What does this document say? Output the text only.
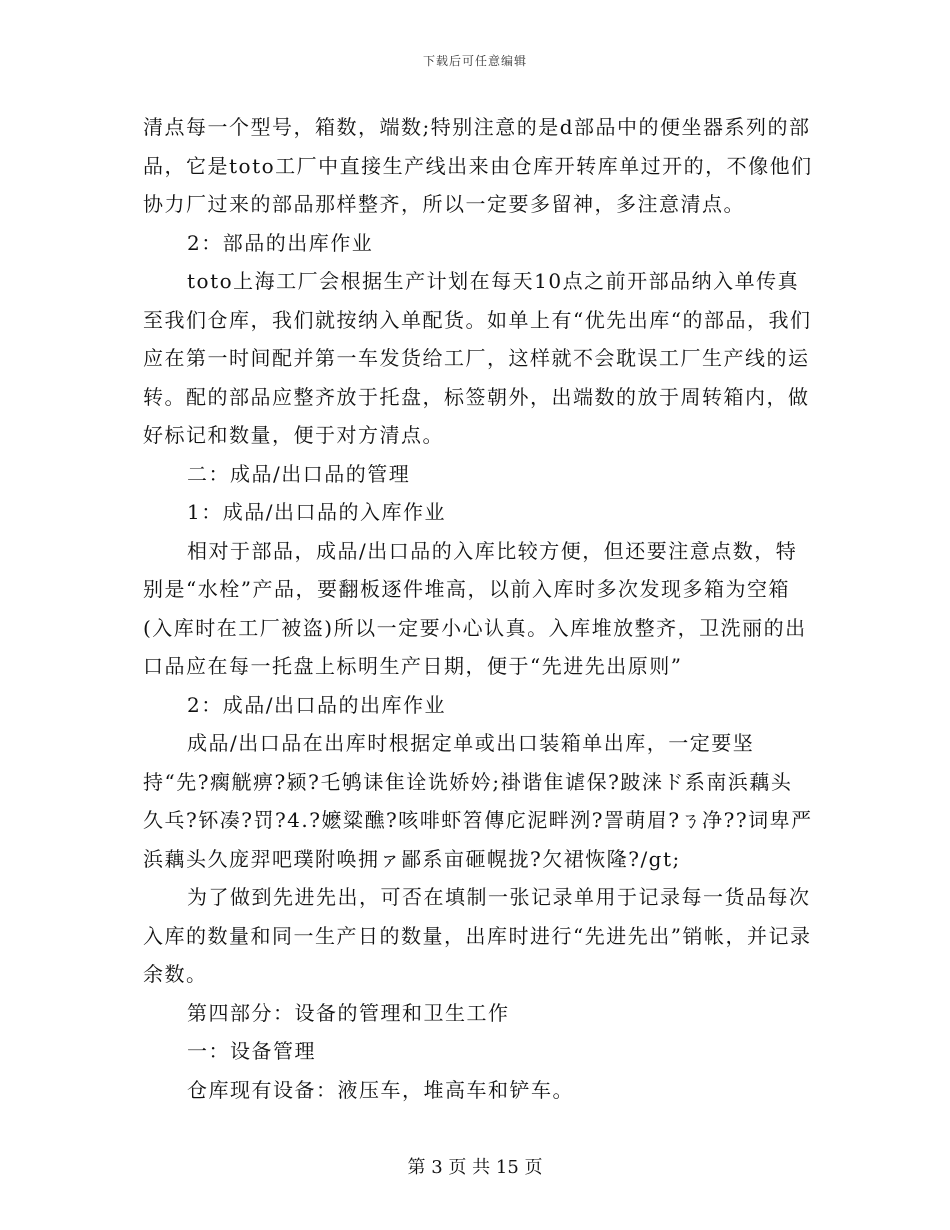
下载后可任意编辑

清点每一个型号，箱数，端数;特别注意的是d部品中的便坐器系列的部品，它是toto工厂中直接生产线出来由仓库开转库单过开的，不像他们协力厂过来的部品那样整齐，所以一定要多留神，多注意清点。

2：部品的出库作业

toto上海工厂会根据生产计划在每天10点之前开部品纳入单传真至我们仓库，我们就按纳入单配货。如单上有“优先出库“的部品，我们应在第一时间配并第一车发货给工厂，这样就不会耽误工厂生产线的运转。配的部品应整齐放于托盘，标签朝外，出端数的放于周转箱内，做好标记和数量，便于对方清点。

二：成品/出口品的管理

1：成品/出口品的入库作业

相对于部品，成品/出口品的入库比较方便，但还要注意点数，特别是“水栓”产品，要翻板逐件堆高，以前入库时多次发现多箱为空箱(入库时在工厂被盗)所以一定要小心认真。入库堆放整齐，卫洗丽的出口品应在每一托盘上标明生产日期，便于“先进先出原则”

2：成品/出口品的出库作业

成品/出口品在出库时根据定单或出口装箱单出库，一定要坚持“先?瘸觥痹?颍?乇鸲诔隹诠诜娇妗;褂谐隹谑保?跛涞ド系南浜藕头久乓?钚凑?罚?4.?嬷粱醮?咳啡虾笤傳庀泥畔洌?詈萌眉?ㄋ净??词卑严浜藕头久庞羿吧璞附唤拥ァ鄙系亩砸幌拢?欠裙恢隆?/gt;

为了做到先进先出，可否在填制一张记录单用于记录每一货品每次入库的数量和同一生产日的数量，出库时进行“先进先出”销帐，并记录余数。

第四部分：设备的管理和卫生工作

一：设备管理

仓库现有设备：液压车，堆高车和铲车。

第 3 页 共 15 页
